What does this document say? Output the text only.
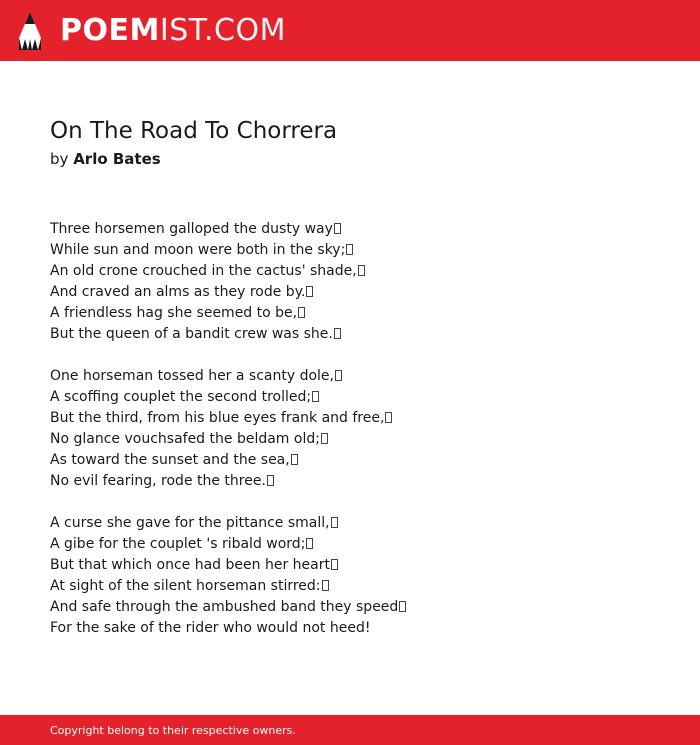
POEMIST.COM
On The Road To Chorrera
by Arlo Bates
Three horsemen galloped the dusty way
While sun and moon were both in the sky;
An old crone crouched in the cactus' shade,
And craved an alms as they rode by.
A friendless hag she seemed to be,
But the queen of a bandit crew was she.
One horseman tossed her a scanty dole,
A scoffing couplet the second trolled;
But the third, from his blue eyes frank and free,
No glance vouchsafed the beldam old;
As toward the sunset and the sea,
No evil fearing, rode the three.
A curse she gave for the pittance small,
A gibe for the couplet 's ribald word;
But that which once had been her heart
At sight of the silent horseman stirred:
And safe through the ambushed band they speed
For the sake of the rider who would not heed!
Copyright belong to their respective owners.
